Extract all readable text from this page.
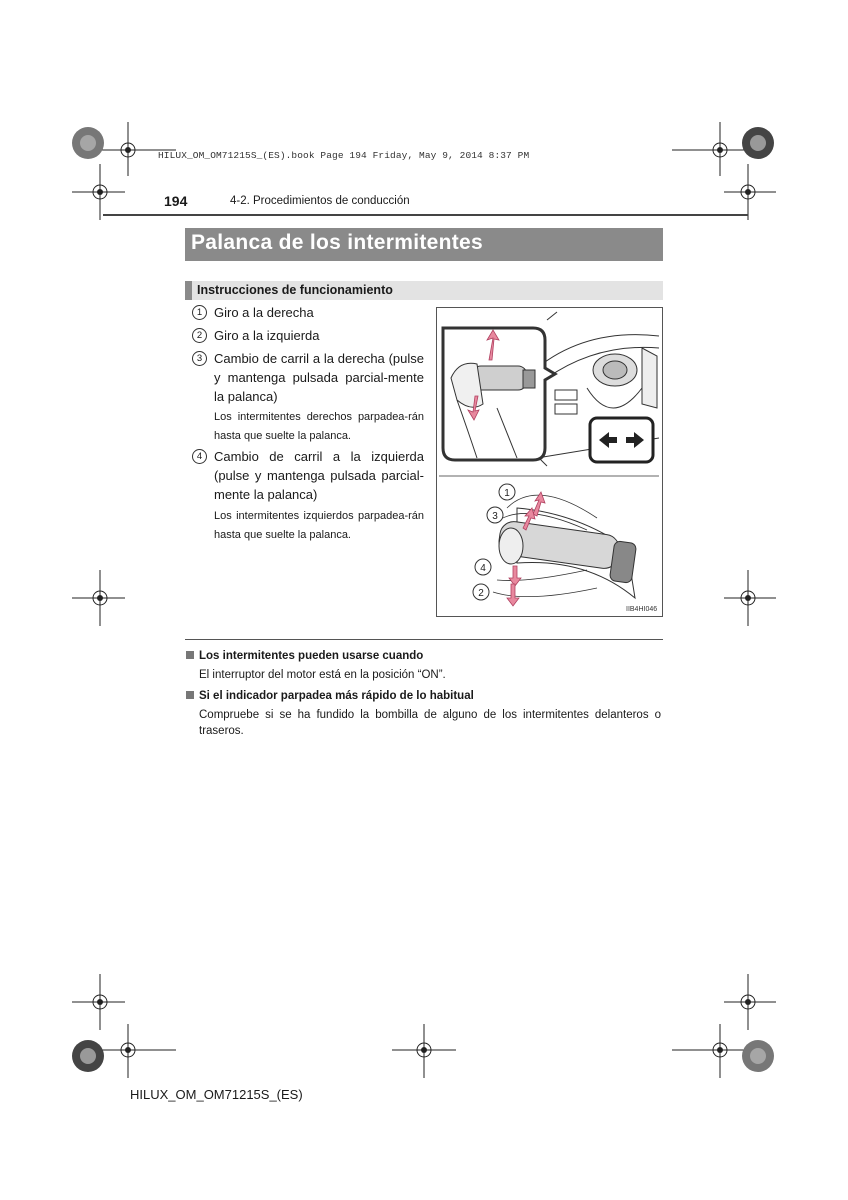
HILUX_OM_OM71215S_(ES).book Page 194 Friday, May 9, 2014 8:37 PM
194	4-2. Procedimientos de conducción
Palanca de los intermitentes
Instrucciones de funcionamiento
1 Giro a la derecha
2 Giro a la izquierda
3 Cambio de carril a la derecha (pulse y mantenga pulsada parcial-mente la palanca)
Los intermitentes derechos parpadea-rán hasta que suelte la palanca.
4 Cambio de carril a la izquierda (pulse y mantenga pulsada parcial-mente la palanca)
Los intermitentes izquierdos parpadea-rán hasta que suelte la palanca.
1
3
4
2
IIB4HI046
Los intermitentes pueden usarse cuando
El interruptor del motor está en la posición “ON”.
Si el indicador parpadea más rápido de lo habitual
Compruebe si se ha fundido la bombilla de alguno de los intermitentes delanteros o traseros.
HILUX_OM_OM71215S_(ES)
